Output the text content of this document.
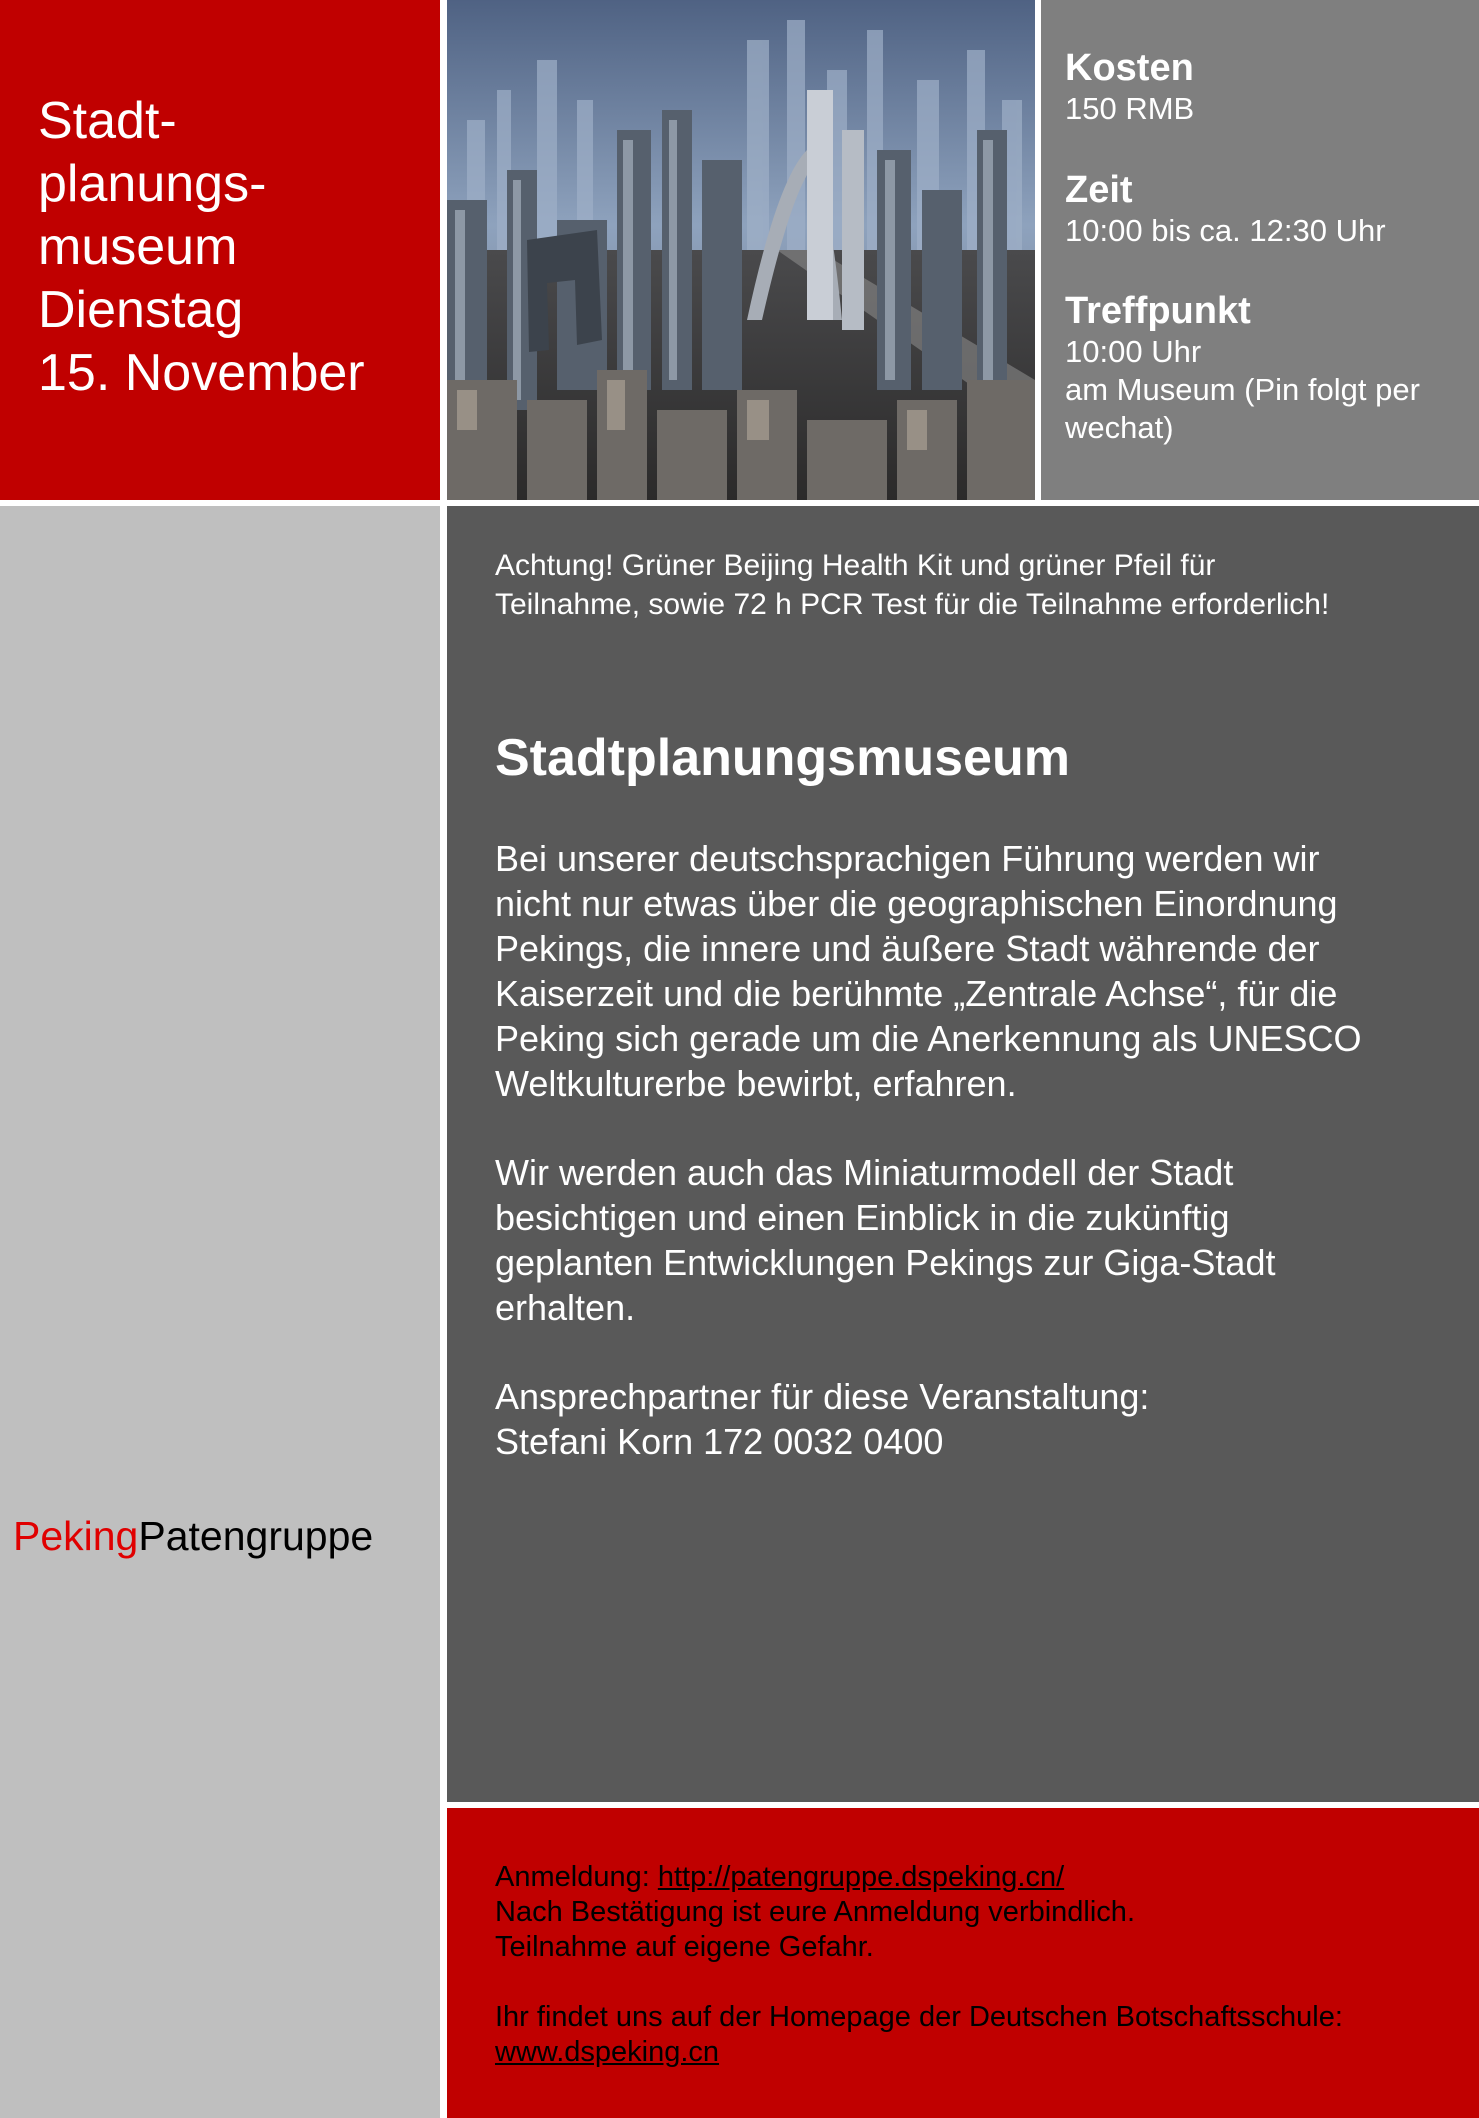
Stadt-
planungs-
museum
Dienstag
15. November
Kosten
150 RMB
Zeit
10:00 bis ca. 12:30 Uhr
Treffpunkt
10:00 Uhr
am Museum (Pin folgt per
wechat)
PekingPatengruppe
Achtung! Grüner Beijing Health Kit und grüner Pfeil für
Teilnahme, sowie 72 h PCR Test für die Teilnahme erforderlich!
Stadtplanungsmuseum
Bei unserer deutschsprachigen Führung werden wir
nicht nur etwas über die geographischen Einordnung
Pekings, die innere und äußere Stadt währende der
Kaiserzeit und die berühmte „Zentrale Achse“, für die
Peking sich gerade um die Anerkennung als UNESCO
Weltkulturerbe bewirbt, erfahren.
Wir werden auch das Miniaturmodell der Stadt
besichtigen und einen Einblick in die zukünftig
geplanten Entwicklungen Pekings zur Giga-Stadt
erhalten.
Ansprechpartner für diese Veranstaltung:
Stefani Korn 172 0032 0400
Anmeldung: http://patengruppe.dspeking.cn/
Nach Bestätigung ist eure Anmeldung verbindlich.
Teilnahme auf eigene Gefahr.
Ihr findet uns auf der Homepage der Deutschen Botschaftsschule:
www.dspeking.cn
